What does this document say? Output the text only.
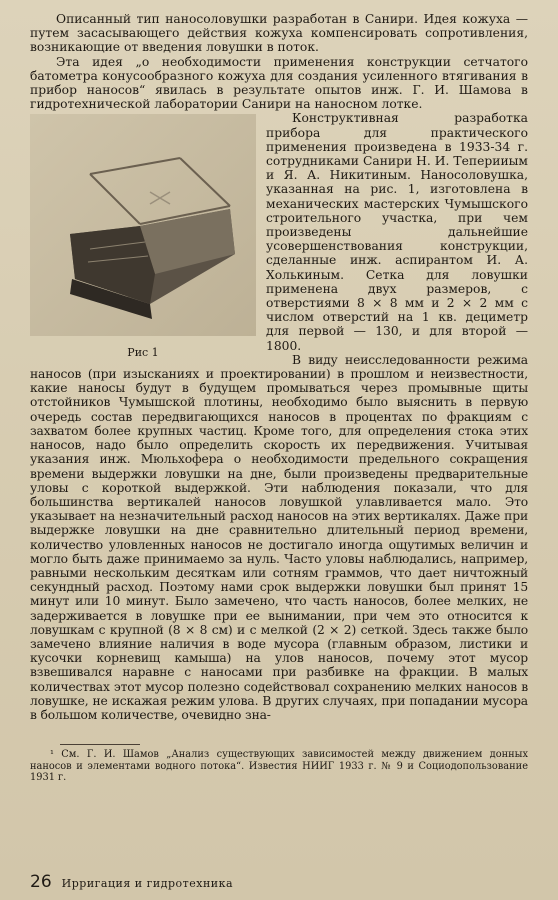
Описанный тип наносоловушки разработан в Санири. Идея кожуха — путем засасывающего действия кожуха компенсировать сопротивления, возникающие от введения ловушки в поток.

Эта идея „о необходимости применения конструкции сетчатого батометра конусообразного кожуха для создания усиленного втягивания в прибор наносов“ явилась в результате опытов инж. Г. И. Шамова в гидротехнической лаборатории Санири на наносном лотке.

Рис 1

Конструктивная разработка прибора для практического применения произведена в 1933-34 г. сотрудниками Санири Н. И. Теперииым и Я. А. Никитиным. Наносоловушка, указанная на рис. 1, изготовлена в механических мастерских Чумышского строительного участка, при чем произведены дальнейшие усовершенствования конструкции, сделанные инж. аспирантом И. А. Холькиным. Сетка для ловушки применена двух размеров, с отверстиями 8 × 8 мм и 2 × 2 мм с числом отверстий на 1 кв. дециметр для первой — 130, и для второй — 1800.

В виду неисследованности режима наносов (при изысканиях и проектировании) в прошлом и неизвестности, какие наносы будут в будущем промываться через промывные щиты отстойников Чумышской плотины, необходимо было выяснить в первую очередь состав передвигающихся наносов в процентах по фракциям с захватом более крупных частиц. Кроме того, для определения стока этих наносов, надо было определить скорость их передвижения. Учитывая указания инж. Мюльхофера о необходимости предельного сокращения времени выдержки ловушки на дне, были произведены предварительные уловы с короткой выдержкой. Эти наблюдения показали, что для большинства вертикалей наносов ловушкой улавливается мало. Это указывает на незначительный расход наносов на этих вертикалях. Даже при выдержке ловушки на дне сравнительно длительный период времени, количество уловленных наносов не достигало иногда ощутимых величин и могло быть даже принимаемо за нуль. Часто уловы наблюдались, например, равными нескольким десяткам или сотням граммов, что дает ничтожный секундный расход. Поэтому нами срок выдержки ловушки был принят 15 минут или 10 минут. Было замечено, что часть наносов, более мелких, не задерживается в ловушке при ее вынимании, при чем это относится к ловушкам с крупной (8 × 8 см) и с мелкой (2 × 2) сеткой. Здесь также было замечено влияние наличия в воде мусора (главным образом, листики и кусочки корневищ камыша) на улов наносов, почему этот мусор взвешивался наравне с наносами при разбивке на фракции. В малых количествах этот мусор полезно содействовал сохранению мелких наносов в ловушке, не искажая режим улова. В других случаях, при попадании мусора в большом количестве, очевидно зна-

¹ См. Г. И. Шамов „Анализ существующих зависимостей между движением донных наносов и элементами водного потока“. Известия НИИГ 1933 г. № 9 и Социодопользование 1931 г.

26 Ирригация и гидротехника
